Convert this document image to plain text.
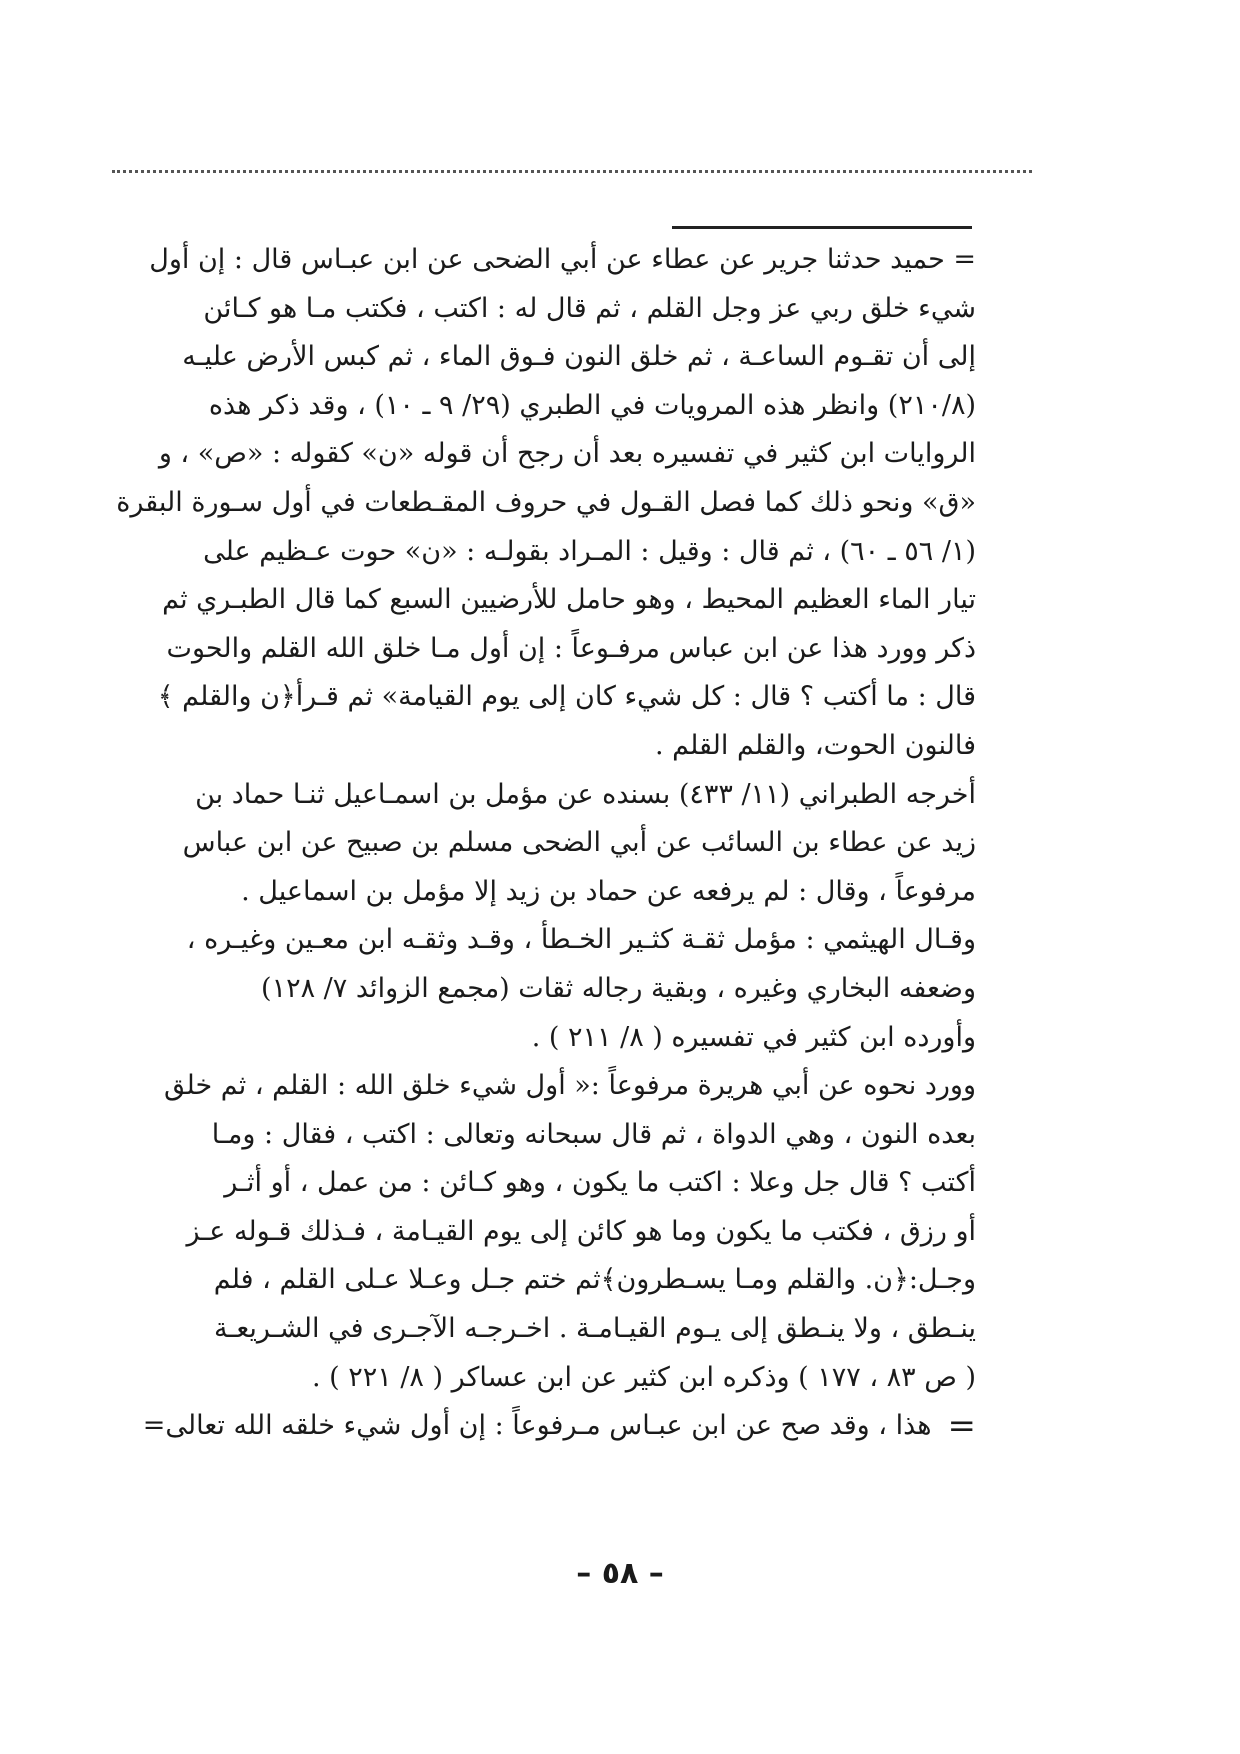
= حميد حدثنا جرير عن عطاء عن أبي الضحى عن ابن عبـاس قال : إن أول
شيء خلق ربي عز وجل القلم ، ثم قال له : اكتب ، فكتب مـا هو كـائن
إلى أن تقـوم الساعـة ، ثم خلق النون فـوق الماء ، ثم كبس الأرض عليـه
(٢١٠/٨) وانظر هذه المرويات في الطبري (٢٩/ ٩ ـ ١٠) ، وقد ذكر هذه
الروايات ابن كثير في تفسيره بعد أن رجح أن قوله «ن» كقوله : «ص» ، و
«ق» ونحو ذلك كما فصل القـول في حروف المقـطعات في أول سـورة البقرة
(١/ ٥٦ ـ ٦٠) ، ثم قال : وقيل : المـراد بقولـه : «ن» حوت عـظيم على
تيار الماء العظيم المحيط ، وهو حامل للأرضيين السبع كما قال الطبـري ثم
ذكر وورد هذا عن ابن عباس مرفـوعاً : إن أول مـا خلق الله القلم والحوت
قال : ما أكتب ؟ قال : كل شيء كان إلى يوم القيامة» ثم قـرأ﴿ن والقلم ﴾
فالنون الحوت، والقلم القلم .
أخرجه الطبراني (١١/ ٤٣٣) بسنده عن مؤمل بن اسمـاعيل ثنـا حماد بن
زيد عن عطاء بن السائب عن أبي الضحى مسلم بن صبيح عن ابن عباس
مرفوعاً ، وقال : لم يرفعه عن حماد بن زيد إلا مؤمل بن اسماعيل .
وقـال الهيثمي : مؤمل ثقـة كثـير الخـطأ ، وقـد وثقـه ابن معـين وغيـره ،
وضعفه البخاري وغيره ، وبقية رجاله ثقات (مجمع الزوائد ٧/ ١٢٨)
وأورده ابن كثير في تفسيره ( ٨/ ٢١١ ) .
وورد نحوه عن أبي هريرة مرفوعاً :« أول شيء خلق الله : القلم ، ثم خلق
بعده النون ، وهي الدواة ، ثم قال سبحانه وتعالى : اكتب ، فقال : ومـا
أكتب ؟ قال جل وعلا : اكتب ما يكون ، وهو كـائن : من عمل ، أو أثـر
أو رزق ، فكتب ما يكون وما هو كائن إلى يوم القيـامة ، فـذلك قـوله عـز
وجـل:﴿ن. والقلم ومـا يسـطرون﴾ثم ختم جـل وعـلا عـلى القلم ، فلم
ينـطق ، ولا ينـطق إلى يـوم القيـامـة . اخـرجـه الآجـرى في الشـريعـة
( ص ٨٣ ، ١٧٧ ) وذكره ابن كثير عن ابن عساكر ( ٨/ ٢٢١ ) .
=
هذا ، وقد صح عن ابن عبـاس مـرفوعاً : إن أول شيء خلقه الله تعالى=
– ٥٨ –
